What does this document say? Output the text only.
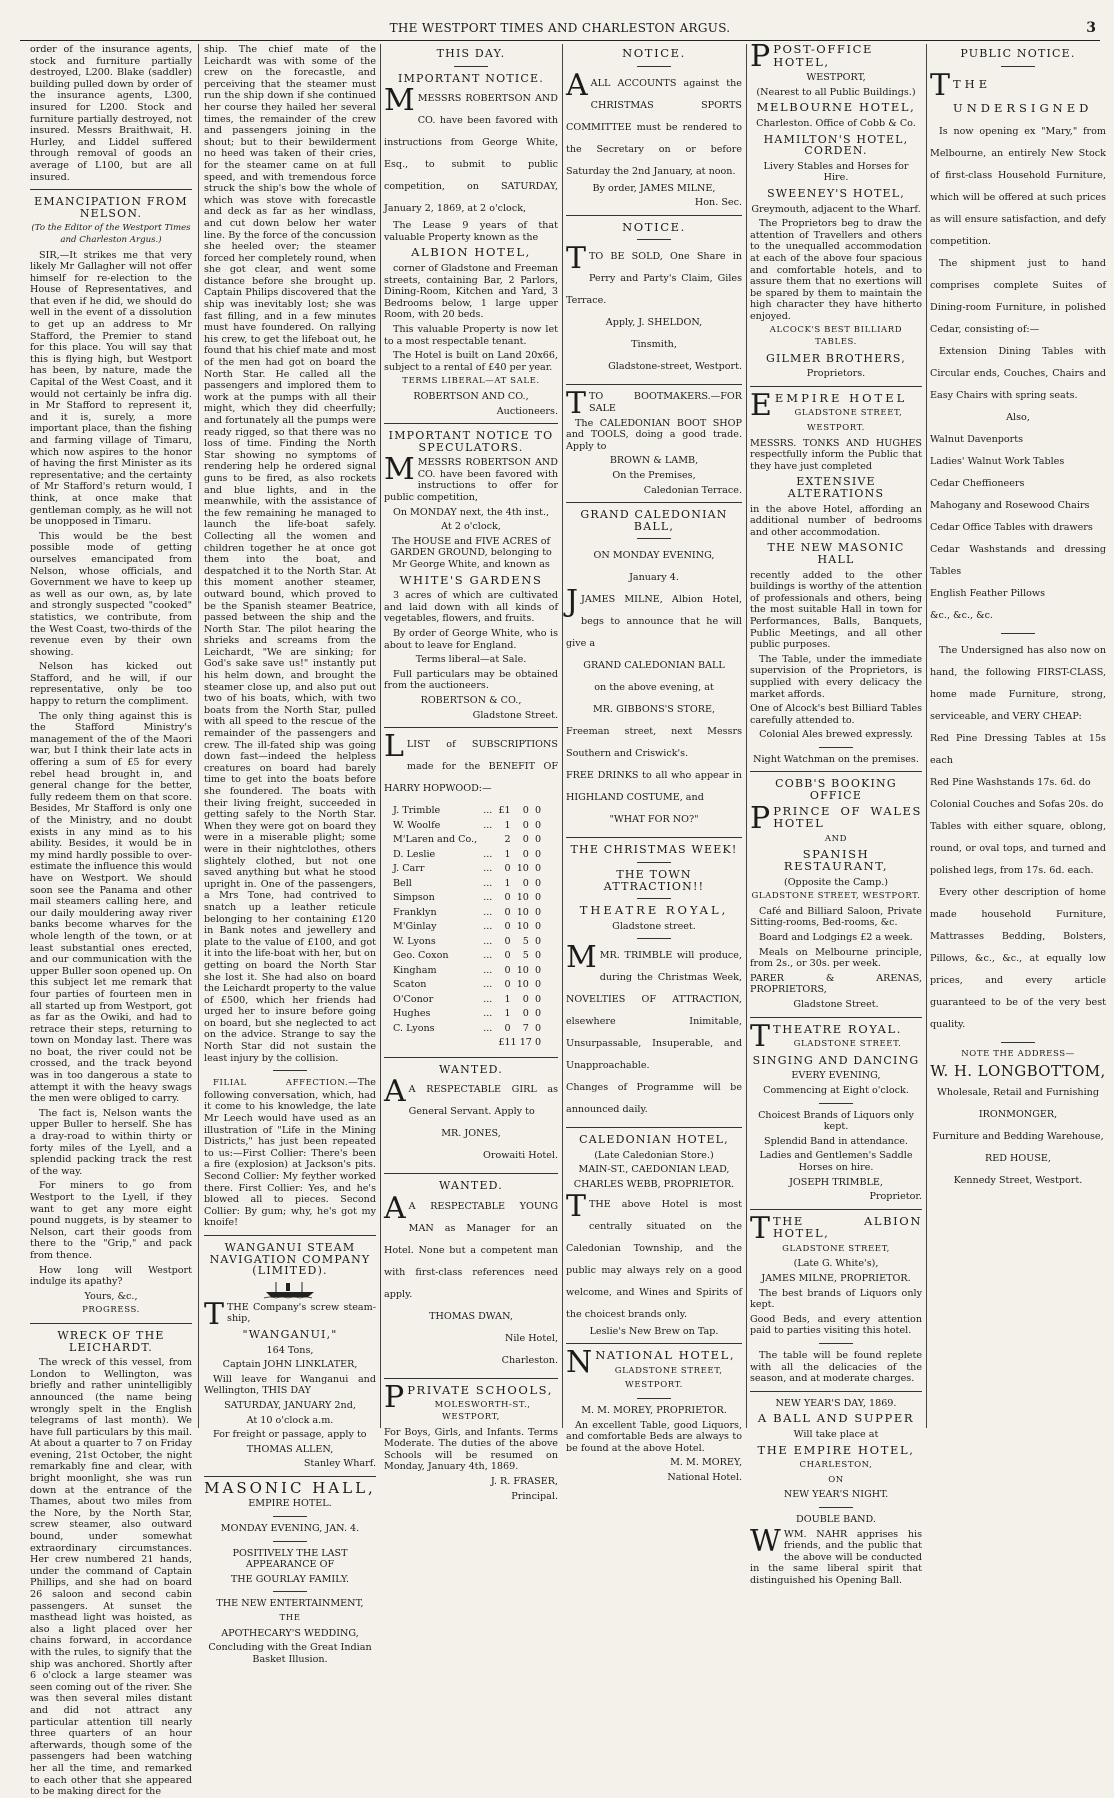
THE WESTPORT TIMES AND CHARLESTON ARGUS.	3

order of the insurance agents, stock and furniture partially destroyed, L200. Blake (saddler) building pulled down by order of the insurance agents, L300, insured for L200. Stock and furniture partially destroyed, not insured. Messrs Braithwait, H. Hurley, and Liddel suffered through removal of goods an average of L100, but are all insured.

EMANCIPATION FROM NELSON.

(To the Editor of the Westport Times and Charleston Argus.)

SIR,—It strikes me that very likely Mr Gallagher will not offer himself for re-election to the House of Representatives, and that even if he did, we should do well in the event of a dissolution to get up an address to Mr Stafford, the Premier to stand for this place. You will say that this is flying high, but Westport has been, by nature, made the Capital of the West Coast, and it would not certainly be infra dig. in Mr Stafford to represent it, and it is, surely, a more important place, than the fishing and farming village of Timaru, which now aspires to the honor of having the first Minister as its representative; and the certainty of Mr Stafford's return would, I think, at once make that gentleman comply, as he will not be unopposed in Timaru.

This would be the best possible mode of getting ourselves emancipated from Nelson, whose officials, and Government we have to keep up as well as our own, as, by late and strongly suspected "cooked" statistics, we contribute, from the West Coast, two-thirds of the revenue even by their own showing.

Nelson has kicked out Stafford, and he will, if our representative, only be too happy to return the compliment.

The only thing against this is the Stafford Ministry's management of the of the Maori war, but I think their late acts in offering a sum of £5 for every rebel head brought in, and general change for the better, fully redeem them on that score. Besides, Mr Stafford is only one of the Ministry, and no doubt exists in any mind as to his ability. Besides, it would be in my mind hardly possible to over-estimate the influence this would have on Westport. We should soon see the Panama and other mail steamers calling here, and our daily mouldering away river banks become wharves for the whole length of the town, or at least substantial ones erected, and our communication with the upper Buller soon opened up. On this subject let me remark that four parties of fourteen men in all started up from Westport, got as far as the Owiki, and had to retrace their steps, returning to town on Monday last. There was no boat, the river could not be crossed, and the track beyond was in too dangerous a state to attempt it with the heavy swags the men were obliged to carry.

The fact is, Nelson wants the upper Buller to herself. She has a dray-road to within thirty or forty miles of the Lyell, and a splendid packing track the rest of the way.

For miners to go from Westport to the Lyell, if they want to get any more eight pound nuggets, is by steamer to Nelson, cart their goods from there to the "Grip," and pack from thence.

How long will Westport indulge its apathy?

Yours, &c.,

PROGRESS.

WRECK OF THE LEICHARDT.

The wreck of this vessel, from London to Wellington, was briefly and rather unintelligibly announced (the name being wrongly spelt in the English telegrams of last month). We have full particulars by this mail. At about a quarter to 7 on Friday evening, 21st October, the night remarkably fine and clear, with bright moonlight, she was run down at the entrance of the Thames, about two miles from the Nore, by the North Star, screw steamer, also outward bound, under somewhat extraordinary circumstances. Her crew numbered 21 hands, under the command of Captain Phillips, and she had on board 26 saloon and second cabin passengers. At sunset the masthead light was hoisted, as also a light placed over her chains forward, in accordance with the rules, to signify that the ship was anchored. Shortly after 6 o'clock a large steamer was seen coming out of the river. She was then several miles distant and did not attract any particular attention till nearly three quarters of an hour afterwards, though some of the passengers had been watching her all the time, and remarked to each other that she appeared to be making direct for the

ship. The chief mate of the Leichardt was with some of the crew on the forecastle, and perceiving that the steamer must run the ship down if she continued her course they hailed her several times, the remainder of the crew and passengers joining in the shout; but to their bewilderment no heed was taken of their cries, for the steamer came on at full speed, and with tremendous force struck the ship's bow the whole of which was stove with forecastle and deck as far as her windlass, and cut down below her water line. By the force of the concussion she heeled over; the steamer forced her completely round, when she got clear, and went some distance before she brought up. Captain Philips discovered that the ship was inevitably lost; she was fast filling, and in a few minutes must have foundered. On rallying his crew, to get the lifeboat out, he found that his chief mate and most of the men had got on board the North Star. He called all the passengers and implored them to work at the pumps with all their might, which they did cheerfully; and fortunately all the pumps were ready rigged, so that there was no loss of time. Finding the North Star showing no symptoms of rendering help he ordered signal guns to be fired, as also rockets and blue lights, and in the meanwhile, with the assistance of the few remaining he managed to launch the life-boat safely. Collecting all the women and children together he at once got them into the boat, and despatched it to the North Star. At this moment another steamer, outward bound, which proved to be the Spanish steamer Beatrice, passed between the ship and the North Star. The pilot hearing the shrieks and screams from the Leichardt, "We are sinking; for God's sake save us!" instantly put his helm down, and brought the steamer close up, and also put out two of his boats, which, with two boats from the North Star, pulled with all speed to the rescue of the remainder of the passengers and crew. The ill-fated ship was going down fast—indeed the helpless creatures on board had barely time to get into the boats before she foundered. The boats with their living freight, succeeded in getting safely to the North Star. When they were got on board they were in a miserable plight; some were in their nightclothes, others slightely clothed, but not one saved anything but what he stood upright in. One of the passengers, a Mrs Tone, had contrived to snatch up a leather reticule belonging to her containing £120 in Bank notes and jewellery and plate to the value of £100, and got it into the life-boat with her, but on getting on board the North Star she lost it. She had also on board the Leichardt property to the value of £500, which her friends had urged her to insure before going on board, but she neglected to act on the advice. Strange to say the North Star did not sustain the least injury by the collision.

FILIAL AFFECTION.—The following conversation, which, had it come to his knowledge, the late Mr Leech would have used as an illustration of "Life in the Mining Districts," has just been repeated to us:—First Collier: There's been a fire (explosion) at Jackson's pits. Second Collier: My feyther worked there. First Collier: Yes, and he's blowed all to pieces. Second Collier: By gum; why, he's got my knoife!

WANGANUI STEAM NAVIGATION COMPANY (LIMITED).

TTHE Company's screw steam-ship,

"WANGANUI,"

164 Tons,

Captain JOHN LINKLATER,

Will leave for Wanganui and Wellington, THIS DAY

SATURDAY, JANUARY 2nd,

At 10 o'clock a.m.

For freight or passage, apply to

THOMAS ALLEN,

Stanley Wharf.

MASONIC HALL,

EMPIRE HOTEL.

MONDAY EVENING, JAN. 4.

POSITIVELY THE LAST APPEARANCE OF

THE GOURLAY FAMILY.

THE NEW ENTERTAINMENT,

THE

APOTHECARY'S WEDDING,

Concluding with the Great Indian Basket Illusion.

THIS DAY.
IMPORTANT NOTICE.

MMESSRS ROBERTSON AND CO. have been favored with instructions from George White, Esq., to submit to public competition, on SATURDAY, January 2, 1869, at 2 o'clock,

The Lease 9 years of that valuable Property known as the

ALBION HOTEL,

corner of Gladstone and Freeman streets, containing Bar, 2 Parlors, Dining-Room, Kitchen and Yard, 3 Bedrooms below, 1 large upper Room, with 20 beds.

This valuable Property is now let to a most respectable tenant.

The Hotel is built on Land 20x66, subject to a rental of £40 per year.

TERMS LIBERAL—AT SALE.

ROBERTSON AND CO.,

Auctioneers.

IMPORTANT NOTICE TO SPECULATORS.

MMESSRS ROBERTSON AND CO. have been favored with instructions to offer for public competition,

On MONDAY next, the 4th inst.,

At 2 o'clock,

The HOUSE and FIVE ACRES of GARDEN GROUND, belonging to Mr George White, and known as

WHITE'S GARDENS

3 acres of which are cultivated and laid down with all kinds of vegetables, flowers, and fruits.

By order of George White, who is about to leave for England.

Terms liberal—at Sale.

Full particulars may be obtained from the auctioneers.

ROBERTSON & CO.,

Gladstone Street.

LLIST of SUBSCRIPTIONS made for the BENEFIT OF HARRY HOPWOOD:—

J. Trimble	...	£1	0	0
W. Woolfe	...	1	0	0
M'Laren and Co.,		2	0	0
D. Leslie	...	1	0	0
J. Carr	...	0	10	0
Bell	...	1	0	0
Simpson	...	0	10	0
Franklyn	...	0	10	0
M'Ginlay	...	0	10	0
W. Lyons	...	0	5	0
Geo. Coxon	...	0	5	0
Kingham	...	0	10	0
Scaton	...	0	10	0
O'Conor	...	1	0	0
Hughes	...	1	0	0
C. Lyons	...	0	7	0
		£11 17 0		
WANTED.

A A RESPECTABLE GIRL as General Servant. Apply to

MR. JONES,

Orowaiti Hotel.

WANTED.

A A RESPECTABLE YOUNG MAN as Manager for an Hotel. None but a competent man with first-class references need apply.

THOMAS DWAN,

Nile Hotel,

Charleston.

PPRIVATE SCHOOLS,

MOLESWORTH-ST., WESTPORT,

For Boys, Girls, and Infants. Terms Moderate. The duties of the above Schools will be resumed on Monday, January 4th, 1869.

J. R. FRASER,

Principal.

NOTICE.

AALL ACCOUNTS against the CHRISTMAS SPORTS COMMITTEE must be rendered to the Secretary on or before Saturday the 2nd January, at noon.

By order, JAMES MILNE,

Hon. Sec.

NOTICE.

TTO BE SOLD, One Share in Perry and Party's Claim, Giles Terrace.

Apply, J. SHELDON,

Tinsmith,

Gladstone-street, Westport.

TTO BOOTMAKERS.—FOR SALE

The CALEDONIAN BOOT SHOP and TOOLS, doing a good trade. Apply to

BROWN & LAMB,

On the Premises,

Caledonian Terrace.

GRAND CALEDONIAN BALL,

ON MONDAY EVENING,

January 4.

JJAMES MILNE, Albion Hotel, begs to announce that he will give a

GRAND CALEDONIAN BALL

on the above evening, at

MR. GIBBONS'S STORE,

Freeman street, next Messrs Southern and Criswick's.

FREE DRINKS to all who appear in HIGHLAND COSTUME, and

"WHAT FOR NO?"

THE CHRISTMAS WEEK!
THE TOWN ATTRACTION!!
THEATRE ROYAL,

Gladstone street.

MMR. TRIMBLE will produce, during the Christmas Week, NOVELTIES OF ATTRACTION, elsewhere Inimitable, Unsurpassable, Insuperable, and Unapproachable.

Changes of Programme will be announced daily.

CALEDONIAN HOTEL,

(Late Caledonian Store.)

MAIN-ST., CAEDONIAN LEAD,

CHARLES WEBB, PROPRIETOR.

TTHE above Hotel is most centrally situated on the Caledonian Township, and the public may always rely on a good welcome, and Wines and Spirits of the choicest brands only.

Leslie's New Brew on Tap.

NNATIONAL HOTEL,

GLADSTONE STREET,

WESTPORT.

M. M. MOREY, PROPRIETOR.

An excellent Table, good Liquors, and comfortable Beds are always to be found at the above Hotel.

M. M. MOREY,

National Hotel.

PPOST-OFFICE HOTEL,

WESTPORT,

(Nearest to all Public Buildings.)

MELBOURNE HOTEL,

Charleston. Office of Cobb & Co.

HAMILTON'S HOTEL, CORDEN.

Livery Stables and Horses for Hire.

SWEENEY'S HOTEL,

Greymouth, adjacent to the Wharf.

The Proprietors beg to draw the attention of Travellers and others to the unequalled accommodation at each of the above four spacious and comfortable hotels, and to assure them that no exertions will be spared by them to maintain the high character they have hitherto enjoyed.

ALCOCK'S BEST BILLIARD TABLES.

GILMER BROTHERS,

Proprietors.

EEMPIRE HOTEL

GLADSTONE STREET,

WESTPORT.

MESSRS. TONKS AND HUGHES respectfully inform the Public that they have just completed

EXTENSIVE ALTERATIONS

in the above Hotel, affording an additional number of bedrooms and other accommodation.

THE NEW MASONIC HALL

recently added to the other buildings is worthy of the attention of professionals and others, being the most suitable Hall in town for Performances, Balls, Banquets, Public Meetings, and all other public purposes.

The Table, under the immediate supervision of the Proprietors, is supplied with every delicacy the market affords.

One of Alcock's best Billiard Tables carefully attended to.

Colonial Ales brewed expressly.

Night Watchman on the premises.

COBB'S BOOKING OFFICE

PPRINCE OF WALES HOTEL

AND

SPANISH RESTAURANT,

(Opposite the Camp.)

GLADSTONE STREET, WESTPORT.

Café and Billiard Saloon, Private Sitting-rooms, Bed-rooms, &c.

Board and Lodgings £2 a week.

Meals on Melbourne principle, from 2s., or 30s. per week.

PARER & ARENAS, PROPRIETORS,

Gladstone Street.

TTHEATRE ROYAL.

GLADSTONE STREET.

SINGING AND DANCING

EVERY EVENING,

Commencing at Eight o'clock.

Choicest Brands of Liquors only kept.

Splendid Band in attendance.

Ladies and Gentlemen's Saddle Horses on hire.

JOSEPH TRIMBLE,

Proprietor.

TTHE ALBION HOTEL,

GLADSTONE STREET,

(Late G. White's),

JAMES MILNE, PROPRIETOR.

The best brands of Liquors only kept.

Good Beds, and every attention paid to parties visiting this hotel.

The table will be found replete with all the delicacies of the season, and at moderate charges.

NEW YEAR'S DAY, 1869.

A BALL AND SUPPER

Will take place at

THE EMPIRE HOTEL,

CHARLESTON,

ON

NEW YEAR'S NIGHT.

DOUBLE BAND.

WWM. NAHR apprises his friends, and the public that the above will be conducted in the same liberal spirit that distinguished his Opening Ball.

PUBLIC NOTICE.

TTHE UNDERSIGNED

Is now opening ex "Mary," from Melbourne, an entirely New Stock of first-class Household Furniture, which will be offered at such prices as will ensure satisfaction, and defy competition.

The shipment just to hand comprises complete Suites of Dining-room Furniture, in polished Cedar, consisting of:—

Extension Dining Tables with Circular ends, Couches, Chairs and Easy Chairs with spring seats.

Also,

Walnut Davenports

Ladies' Walnut Work Tables

Cedar Cheffioneers

Mahogany and Rosewood Chairs

Cedar Office Tables with drawers

Cedar Washstands and dressing Tables

English Feather Pillows

&c., &c., &c.

The Undersigned has also now on hand, the following FIRST-CLASS, home made Furniture, strong, serviceable, and VERY CHEAP:

Red Pine Dressing Tables at 15s each

Red Pine Washstands 17s. 6d. do

Colonial Couches and Sofas 20s. do

Tables with either square, oblong, round, or oval tops, and turned and polished legs, from 17s. 6d. each.

Every other description of home made household Furniture, Mattrasses Bedding, Bolsters, Pillows, &c., &c., at equally low prices, and every article guaranteed to be of the very best quality.

NOTE THE ADDRESS—

W. H. LONGBOTTOM,

Wholesale, Retail and Furnishing

IRONMONGER,

Furniture and Bedding Warehouse,

RED HOUSE,

Kennedy Street, Westport.
